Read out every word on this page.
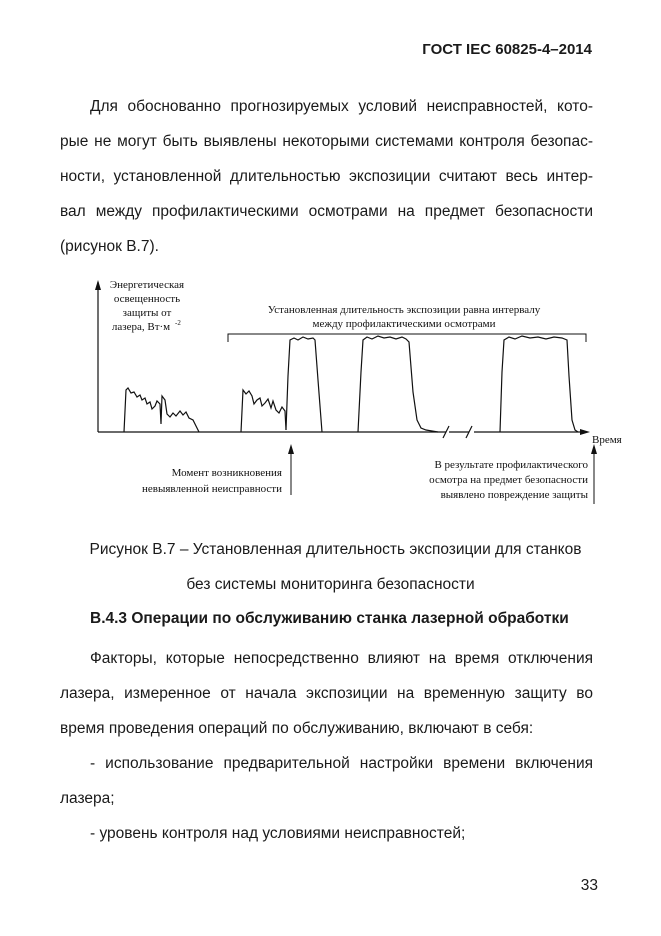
ГОСТ IEC 60825-4–2014
Для обоснованно прогнозируемых условий неисправностей, кото-
рые не могут быть выявлены некоторыми системами контроля безопас-
ности, установленной длительностью экспозиции считают весь интер-
вал между профилактическими осмотрами на предмет безопасности
(рисунок В.7).
Энергетическая
освещенность
защиты от
лазера, Вт·м -2
Установленная длительность экспозиции равна интервалу
между профилактическими осмотрами
Время
Момент возникновения
невыявленной неисправности
В результате профилактического
осмотра на предмет безопасности
выявлено повреждение защиты
Рисунок В.7 – Установленная длительность экспозиции для станков
без системы мониторинга безопасности
В.4.3 Операции по обслуживанию станка лазерной обработки
Факторы, которые непосредственно влияют на время отключения
лазера, измеренное от начала экспозиции на временную защиту во
время проведения операций по обслуживанию, включают в себя:
- использование предварительной настройки времени включения
лазера;
- уровень контроля над условиями неисправностей;
33
